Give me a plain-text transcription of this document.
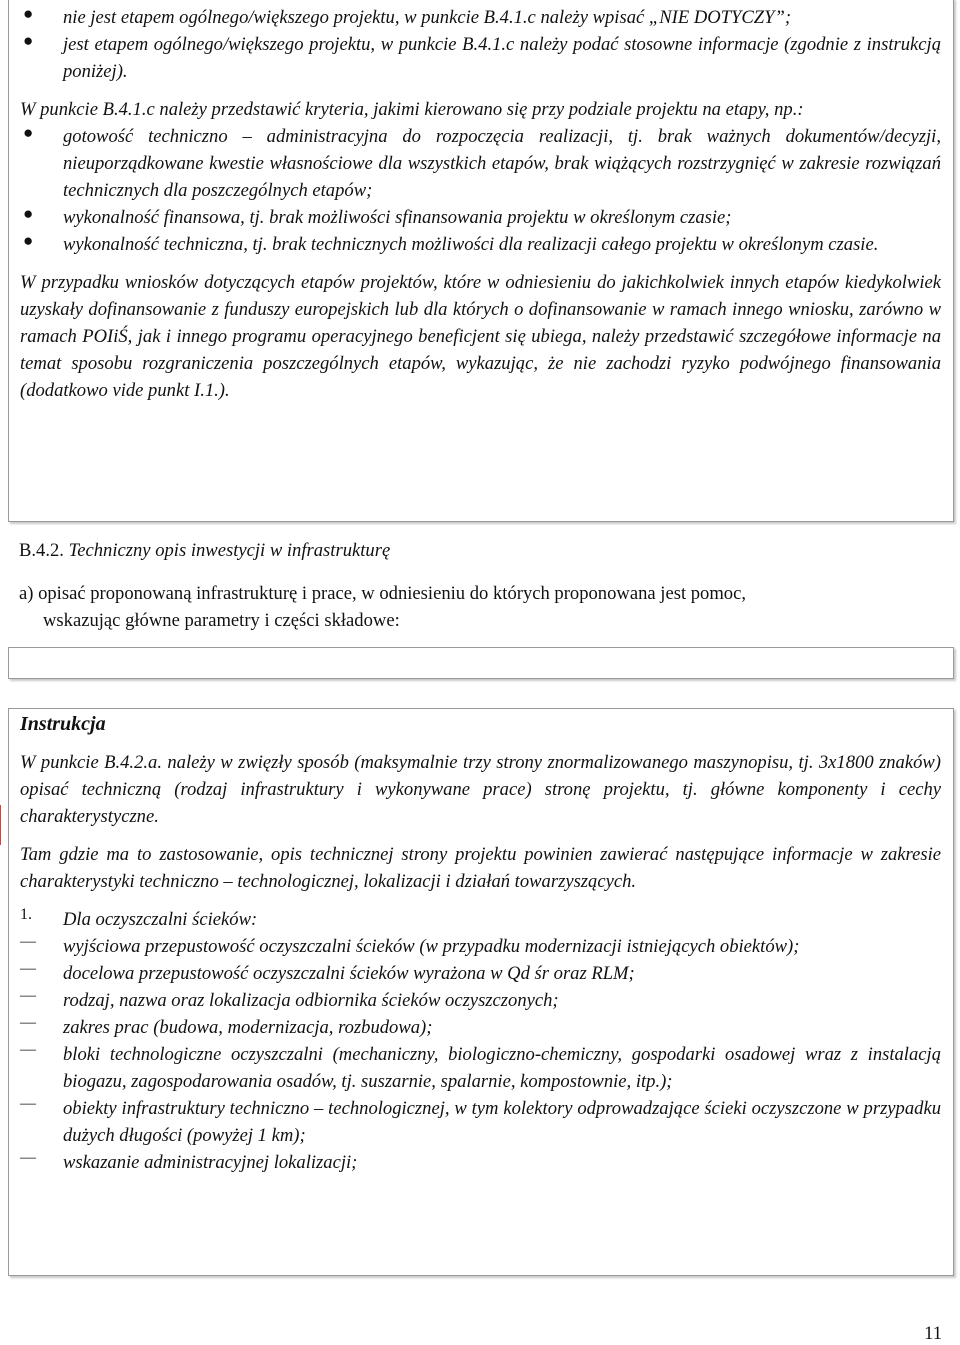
● nie jest etapem ogólnego/większego projektu, w punkcie B.4.1.c należy wpisać „NIE DOTYCZY”;

● jest etapem ogólnego/większego projektu, w punkcie B.4.1.c należy podać stosowne informacje (zgodnie z instrukcją poniżej).

W punkcie B.4.1.c należy przedstawić kryteria, jakimi kierowano się przy podziale projektu na etapy, np.:

● gotowość techniczno – administracyjna do rozpoczęcia realizacji, tj. brak ważnych dokumentów/decyzji, nieuporządkowane kwestie własnościowe dla wszystkich etapów, brak wiążących rozstrzygnięć w zakresie rozwiązań technicznych dla poszczególnych etapów;

● wykonalność finansowa, tj. brak możliwości sfinansowania projektu w określonym czasie;

● wykonalność techniczna, tj. brak technicznych możliwości dla realizacji całego projektu w określonym czasie.

W przypadku wniosków dotyczących etapów projektów, które w odniesieniu do jakichkolwiek innych etapów kiedykolwiek uzyskały dofinansowanie z funduszy europejskich lub dla których o dofinansowanie w ramach innego wniosku, zarówno w ramach POIiŚ, jak i innego programu operacyjnego beneficjent się ubiega, należy przedstawić szczegółowe informacje na temat sposobu rozgraniczenia poszczególnych etapów, wykazując, że nie zachodzi ryzyko podwójnego finansowania (dodatkowo vide punkt I.1.).

B.4.2. Techniczny opis inwestycji w infrastrukturę
a) opisać proponowaną infrastrukturę i prace, w odniesieniu do których proponowana jest pomoc,
wskazując główne parametry i części składowe:
Instrukcja

W punkcie B.4.2.a. należy w zwięzły sposób (maksymalnie trzy strony znormalizowanego maszynopisu, tj. 3x1800 znaków) opisać techniczną (rodzaj infrastruktury i wykonywane prace) stronę projektu, tj. główne komponenty i cechy charakterystyczne.

Tam gdzie ma to zastosowanie, opis technicznej strony projektu powinien zawierać następujące informacje w zakresie charakterystyki techniczno – technologicznej, lokalizacji i działań towarzyszących.

1. Dla oczyszczalni ścieków:

— wyjściowa przepustowość oczyszczalni ścieków (w przypadku modernizacji istniejących obiektów);

— docelowa przepustowość oczyszczalni ścieków wyrażona w Qd śr oraz RLM;

— rodzaj, nazwa oraz lokalizacja odbiornika ścieków oczyszczonych;

— zakres prac (budowa, modernizacja, rozbudowa);

— bloki technologiczne oczyszczalni (mechaniczny, biologiczno-chemiczny, gospodarki osadowej wraz z instalacją biogazu, zagospodarowania osadów, tj. suszarnie, spalarnie, kompostownie, itp.);

— obiekty infrastruktury techniczno – technologicznej, w tym kolektory odprowadzające ścieki oczyszczone w przypadku dużych długości (powyżej 1 km);

— wskazanie administracyjnej lokalizacji;

11
